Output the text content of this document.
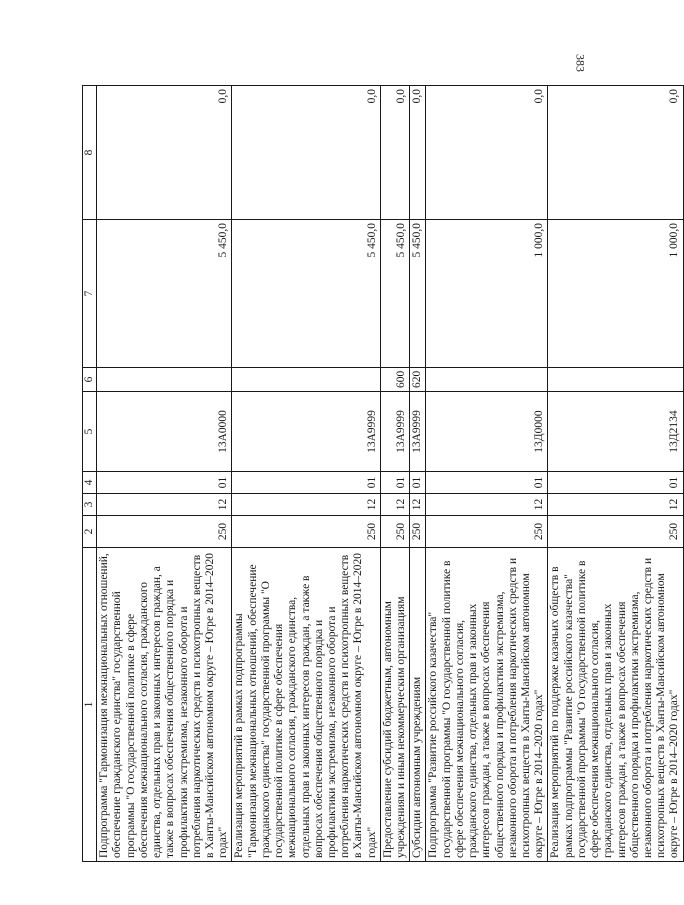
383
1	2	3	4	5	6	7	8
Подпрограмма "Гармонизация межнациональных отношений, обеспечение гражданского единства" государственной программы "О государственной политике в сфере обеспечения межнационального согласия, гражданского единства, отдельных прав и законных интересов граждан, а также в вопросах обеспечения общественного порядка и профилактики экстремизма, незаконного оборота и потребления наркотических средств и психотропных веществ в Ханты-Мансийском автономном округе – Югре в 2014–2020 годах"	250	12	01	13А0000		5 450,0	0,0
Реализация мероприятий в рамках подпрограммы "Гармонизация межнациональных отношений, обеспечение гражданского единства" государственной программы "О государственной политике в сфере обеспечения межнационального согласия, гражданского единства, отдельных прав и законных интересов граждан, а также в вопросах обеспечения общественного порядка и профилактики экстремизма, незаконного оборота и потребления наркотических средств и психотропных веществ в Ханты-Мансийском автономном округе – Югре в 2014–2020 годах"	250	12	01	13А9999		5 450,0	0,0
Предоставление субсидий бюджетным, автономным учреждениям и иным некоммерческим организациям	250	12	01	13А9999	600	5 450,0	0,0
Субсидии автономным учреждениям	250	12	01	13А9999	620	5 450,0	0,0
Подпрограмма "Развитие российского казачества" государственной программы "О государственной политике в сфере обеспечения межнационального согласия, гражданского единства, отдельных прав и законных интересов граждан, а также в вопросах обеспечения общественного порядка и профилактики экстремизма, незаконного оборота и потребления наркотических средств и психотропных веществ в Ханты-Мансийском автономном округе – Югре в 2014–2020 годах"	250	12	01	13Д0000		1 000,0	0,0
Реализация мероприятий по поддержке казачьих обществ в рамках подпрограммы "Развитие российского казачества" государственной программы "О государственной политике в сфере обеспечения межнационального согласия, гражданского единства, отдельных прав и законных интересов граждан, а также в вопросах обеспечения общественного порядка и профилактики экстремизма, незаконного оборота и потребления наркотических средств и психотропных веществ в Ханты-Мансийском автономном округе – Югре в 2014–2020 годах"	250	12	01	13Д2134		1 000,0	0,0
